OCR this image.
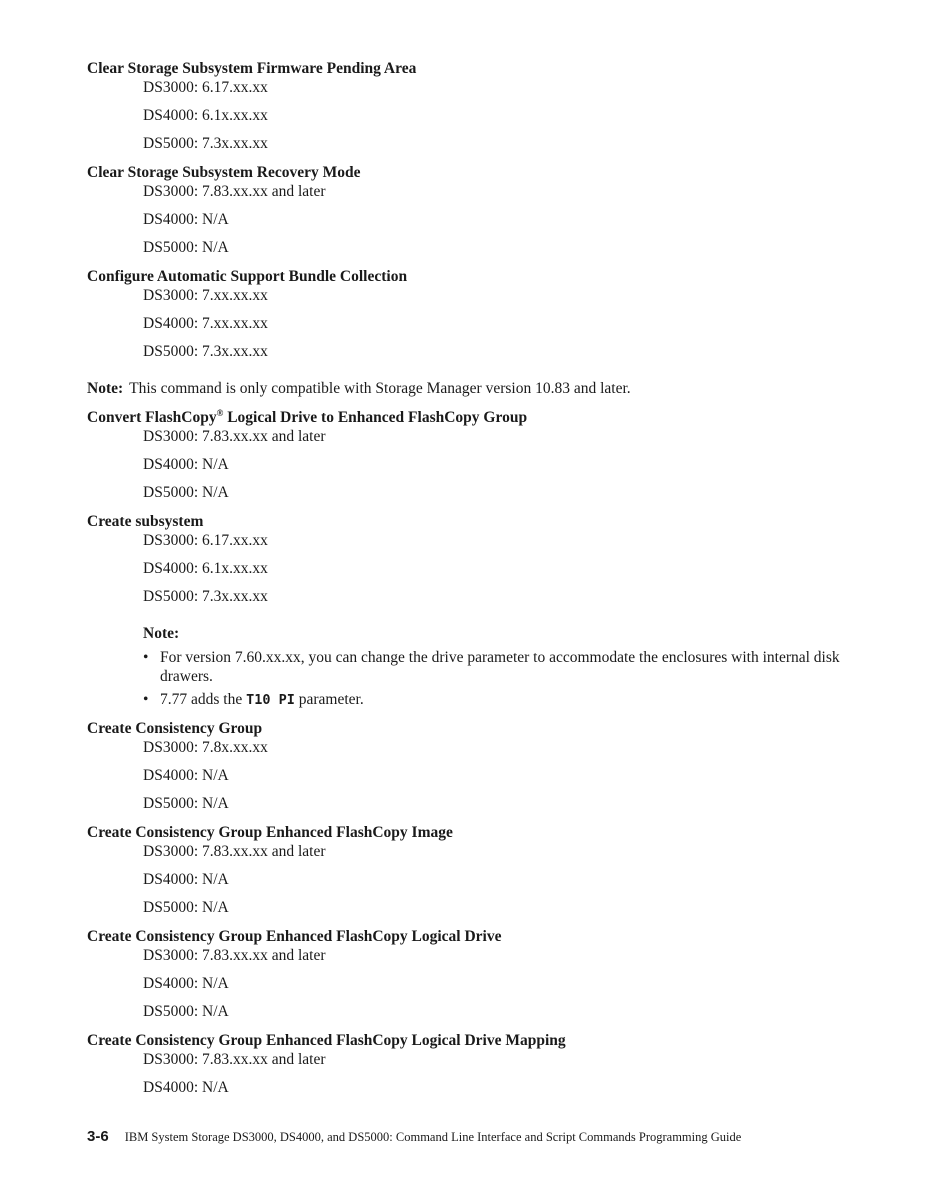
Clear Storage Subsystem Firmware Pending Area

DS3000: 6.17.xx.xx

DS4000: 6.1x.xx.xx

DS5000: 7.3x.xx.xx

Clear Storage Subsystem Recovery Mode

DS3000: 7.83.xx.xx and later

DS4000: N/A

DS5000: N/A

Configure Automatic Support Bundle Collection

DS3000: 7.xx.xx.xx

DS4000: 7.xx.xx.xx

DS5000: 7.3x.xx.xx

Note: This command is only compatible with Storage Manager version 10.83 and later.

Convert FlashCopy® Logical Drive to Enhanced FlashCopy Group

DS3000: 7.83.xx.xx and later

DS4000: N/A

DS5000: N/A

Create subsystem

DS3000: 6.17.xx.xx

DS4000: 6.1x.xx.xx

DS5000: 7.3x.xx.xx

Note:

• For version 7.60.xx.xx, you can change the drive parameter to accommodate the enclosures with internal disk drawers.
• 7.77 adds the T10 PI parameter.

Create Consistency Group

DS3000: 7.8x.xx.xx

DS4000: N/A

DS5000: N/A

Create Consistency Group Enhanced FlashCopy Image

DS3000: 7.83.xx.xx and later

DS4000: N/A

DS5000: N/A

Create Consistency Group Enhanced FlashCopy Logical Drive

DS3000: 7.83.xx.xx and later

DS4000: N/A

DS5000: N/A

Create Consistency Group Enhanced FlashCopy Logical Drive Mapping

DS3000: 7.83.xx.xx and later

DS4000: N/A

3-6 IBM System Storage DS3000, DS4000, and DS5000: Command Line Interface and Script Commands Programming Guide
